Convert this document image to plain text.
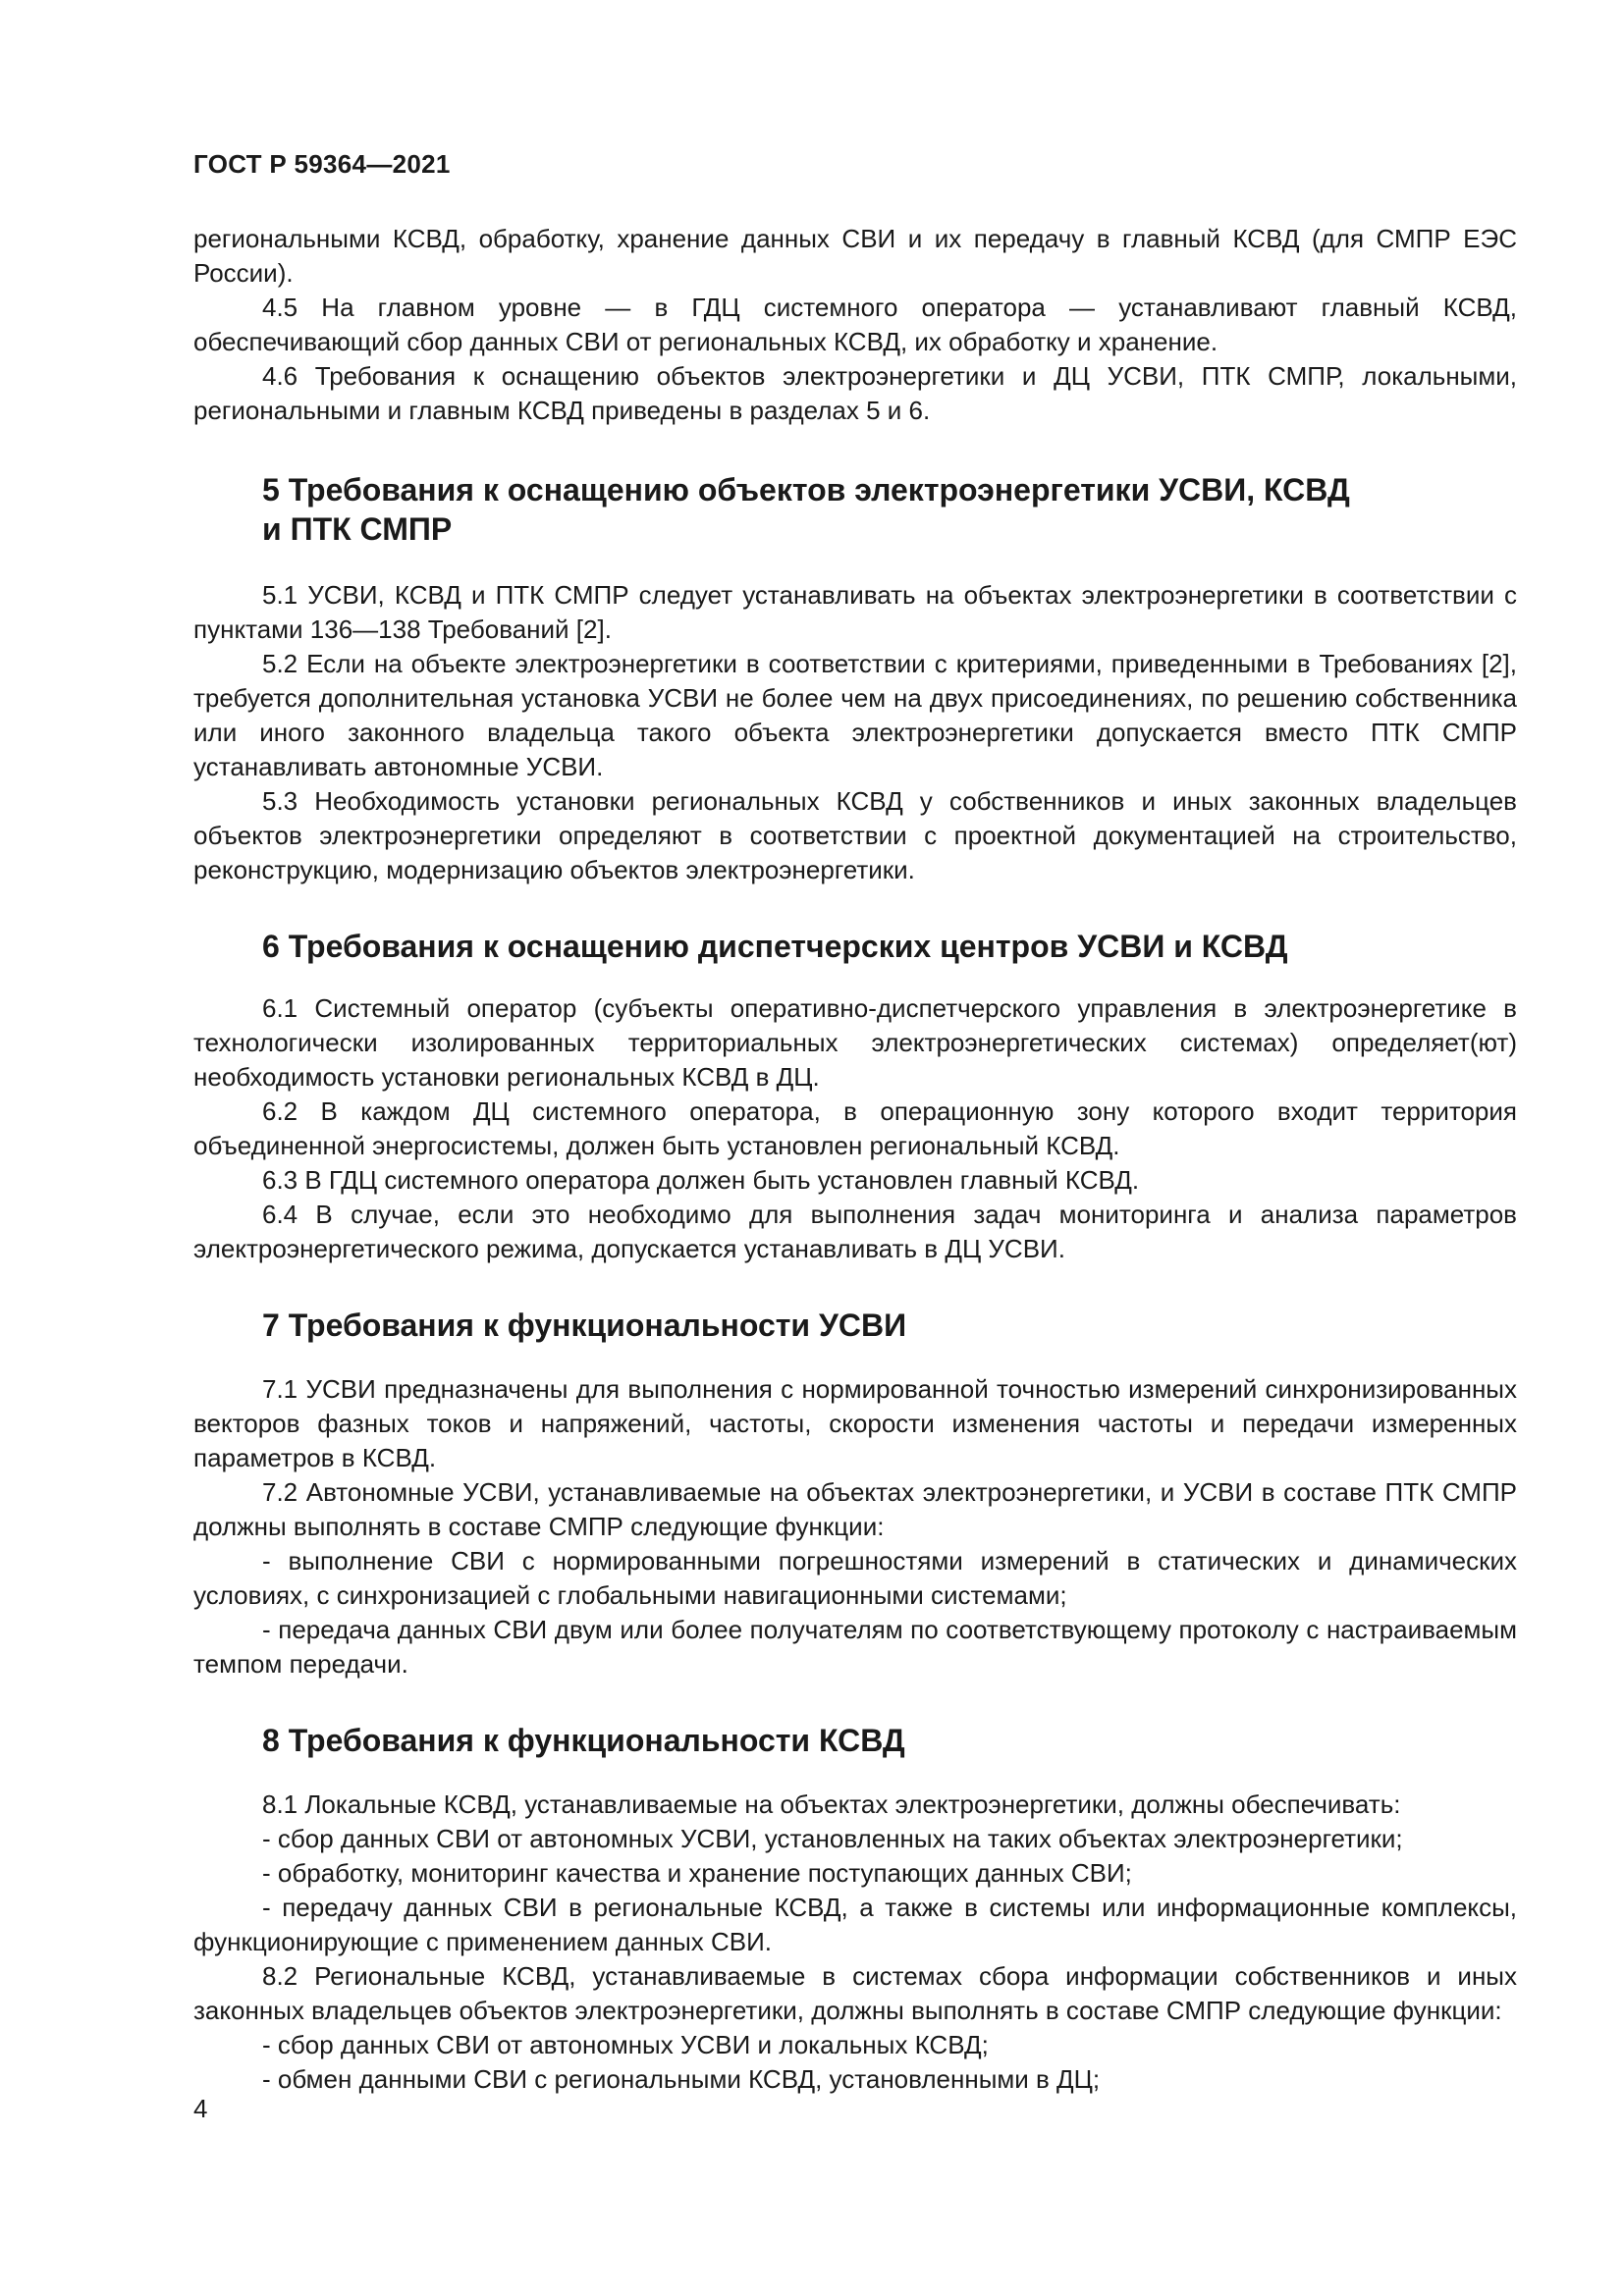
ГОСТ Р 59364—2021

региональными КСВД, обработку, хранение данных СВИ и их передачу в главный КСВД (для СМПР ЕЭС России).

4.5 На главном уровне — в ГДЦ системного оператора — устанавливают главный КСВД, обеспечивающий сбор данных СВИ от региональных КСВД, их обработку и хранение.

4.6 Требования к оснащению объектов электроэнергетики и ДЦ УСВИ, ПТК СМПР, локальными, региональными и главным КСВД приведены в разделах 5 и 6.

5 Требования к оснащению объектов электроэнергетики УСВИ, КСВД
и ПТК СМПР

5.1 УСВИ, КСВД и ПТК СМПР следует устанавливать на объектах электроэнергетики в соответствии с пунктами 136—138 Требований [2].

5.2 Если на объекте электроэнергетики в соответствии с критериями, приведенными в Требованиях [2], требуется дополнительная установка УСВИ не более чем на двух присоединениях, по решению собственника или иного законного владельца такого объекта электроэнергетики допускается вместо ПТК СМПР устанавливать автономные УСВИ.

5.3 Необходимость установки региональных КСВД у собственников и иных законных владельцев объектов электроэнергетики определяют в соответствии с проектной документацией на строительство, реконструкцию, модернизацию объектов электроэнергетики.

6 Требования к оснащению диспетчерских центров УСВИ и КСВД

6.1 Системный оператор (субъекты оперативно-диспетчерского управления в электроэнергетике в технологически изолированных территориальных электроэнергетических системах) определяет(ют) необходимость установки региональных КСВД в ДЦ.

6.2 В каждом ДЦ системного оператора, в операционную зону которого входит территория объединенной энергосистемы, должен быть установлен региональный КСВД.

6.3 В ГДЦ системного оператора должен быть установлен главный КСВД.

6.4 В случае, если это необходимо для выполнения задач мониторинга и анализа параметров электроэнергетического режима, допускается устанавливать в ДЦ УСВИ.

7 Требования к функциональности УСВИ

7.1 УСВИ предназначены для выполнения с нормированной точностью измерений синхронизированных векторов фазных токов и напряжений, частоты, скорости изменения частоты и передачи измеренных параметров в КСВД.

7.2 Автономные УСВИ, устанавливаемые на объектах электроэнергетики, и УСВИ в составе ПТК СМПР должны выполнять в составе СМПР следующие функции:

- выполнение СВИ с нормированными погрешностями измерений в статических и динамических условиях, с синхронизацией с глобальными навигационными системами;

- передача данных СВИ двум или более получателям по соответствующему протоколу с настраиваемым темпом передачи.

8 Требования к функциональности КСВД

8.1 Локальные КСВД, устанавливаемые на объектах электроэнергетики, должны обеспечивать:

- сбор данных СВИ от автономных УСВИ, установленных на таких объектах электроэнергетики;

- обработку, мониторинг качества и хранение поступающих данных СВИ;

- передачу данных СВИ в региональные КСВД, а также в системы или информационные комплексы, функционирующие с применением данных СВИ.

8.2 Региональные КСВД, устанавливаемые в системах сбора информации собственников и иных законных владельцев объектов электроэнергетики, должны выполнять в составе СМПР следующие функции:

- сбор данных СВИ от автономных УСВИ и локальных КСВД;

- обмен данными СВИ с региональными КСВД, установленными в ДЦ;

4
